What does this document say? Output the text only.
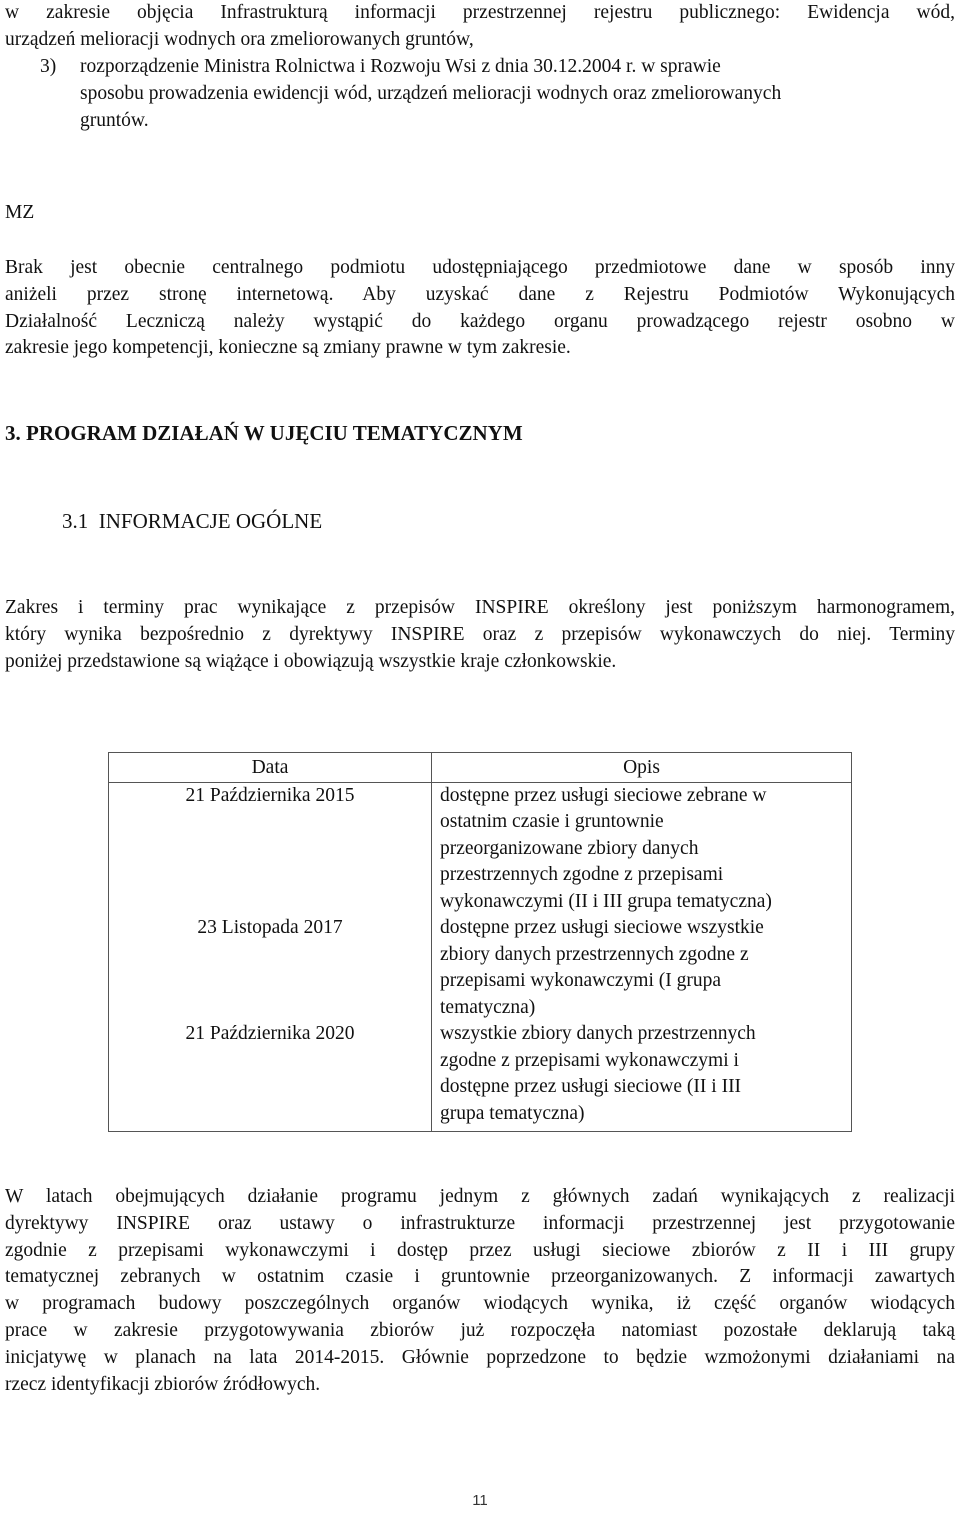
w zakresie objęcia Infrastrukturą informacji przestrzennej rejestru publicznego: Ewidencja wód,
urządzeń melioracji wodnych ora zmeliorowanych gruntów,
3) rozporządzenie Ministra Rolnictwa i Rozwoju Wsi z dnia 30.12.2004 r. w sprawie
sposobu prowadzenia ewidencji wód, urządzeń melioracji wodnych oraz zmeliorowanych
gruntów.
MZ
Brak jest obecnie centralnego podmiotu udostępniającego przedmiotowe dane w sposób inny
aniżeli przez stronę internetową. Aby uzyskać dane z Rejestru Podmiotów Wykonujących
Działalność Leczniczą należy wystąpić do każdego organu prowadzącego rejestr osobno w
zakresie jego kompetencji, konieczne są zmiany prawne w tym zakresie.
3. PROGRAM DZIAŁAŃ W UJĘCIU TEMATYCZNYM
3.1  INFORMACJE OGÓLNE
Zakres i terminy prac wynikające z przepisów INSPIRE określony jest poniższym harmonogramem,
który wynika bezpośrednio z dyrektywy INSPIRE oraz z przepisów wykonawczych do niej. Terminy
poniżej przedstawione są wiążące i obowiązują wszystkie kraje członkowskie.
Data	Opis
21 Października 2015	dostępne przez usługi sieciowe zebrane w
ostatnim czasie i gruntownie
przeorganizowane zbiory danych
przestrzennych zgodne z przepisami
wykonawczymi (II i III grupa tematyczna)

23 Listopada 2017	dostępne przez usługi sieciowe wszystkie
zbiory danych przestrzennych zgodne z
przepisami wykonawczymi (I grupa
tematyczna)

21 Października 2020	wszystkie zbiory danych przestrzennych
zgodne z przepisami wykonawczymi i
dostępne przez usługi sieciowe (II i III
grupa tematyczna)
W latach obejmujących działanie programu jednym z głównych zadań wynikających z realizacji
dyrektywy INSPIRE oraz ustawy o infrastrukturze informacji przestrzennej jest przygotowanie
zgodnie z przepisami wykonawczymi i dostęp przez usługi sieciowe zbiorów z II i III grupy
tematycznej zebranych w ostatnim czasie i gruntownie przeorganizowanych. Z informacji zawartych
w programach budowy poszczególnych organów wiodących wynika, iż część organów wiodących
prace w zakresie przygotowywania zbiorów już rozpoczęła natomiast pozostałe deklarują taką
inicjatywę w planach na lata 2014-2015. Głównie poprzedzone to będzie wzmożonymi działaniami na
rzecz identyfikacji zbiorów źródłowych.
11
